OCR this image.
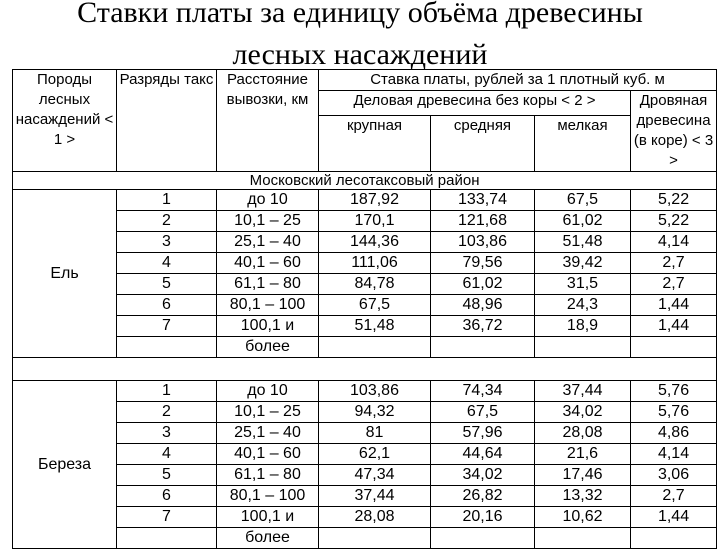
Ставки платы за единицу объёма древесины
лесных насаждений
Породы лесных насаждений < 1 >	Разряды такс	Расстояние вывозки, км	Ставка платы, рублей за 1 плотный куб. м			
			Деловая древесина без коры < 2 >			Дровяная древесина (в коре) < 3 >
			крупная	средняя	мелкая	
Московский лесотаксовый район						
Ель	1	до 10	187,92	133,74	67,5	5,22
	2	10,1 – 25	170,1	121,68	61,02	5,22
	3	25,1 – 40	144,36	103,86	51,48	4,14
	4	40,1 – 60	111,06	79,56	39,42	2,7
	5	61,1 – 80	84,78	61,02	31,5	2,7
	6	80,1 – 100	67,5	48,96	24,3	1,44
	7	100,1 и	51,48	36,72	18,9	1,44
		более				

Береза	1	до 10	103,86	74,34	37,44	5,76
	2	10,1 – 25	94,32	67,5	34,02	5,76
	3	25,1 – 40	81	57,96	28,08	4,86
	4	40,1 – 60	62,1	44,64	21,6	4,14
	5	61,1 – 80	47,34	34,02	17,46	3,06
	6	80,1 – 100	37,44	26,82	13,32	2,7
	7	100,1 и	28,08	20,16	10,62	1,44
		более				
